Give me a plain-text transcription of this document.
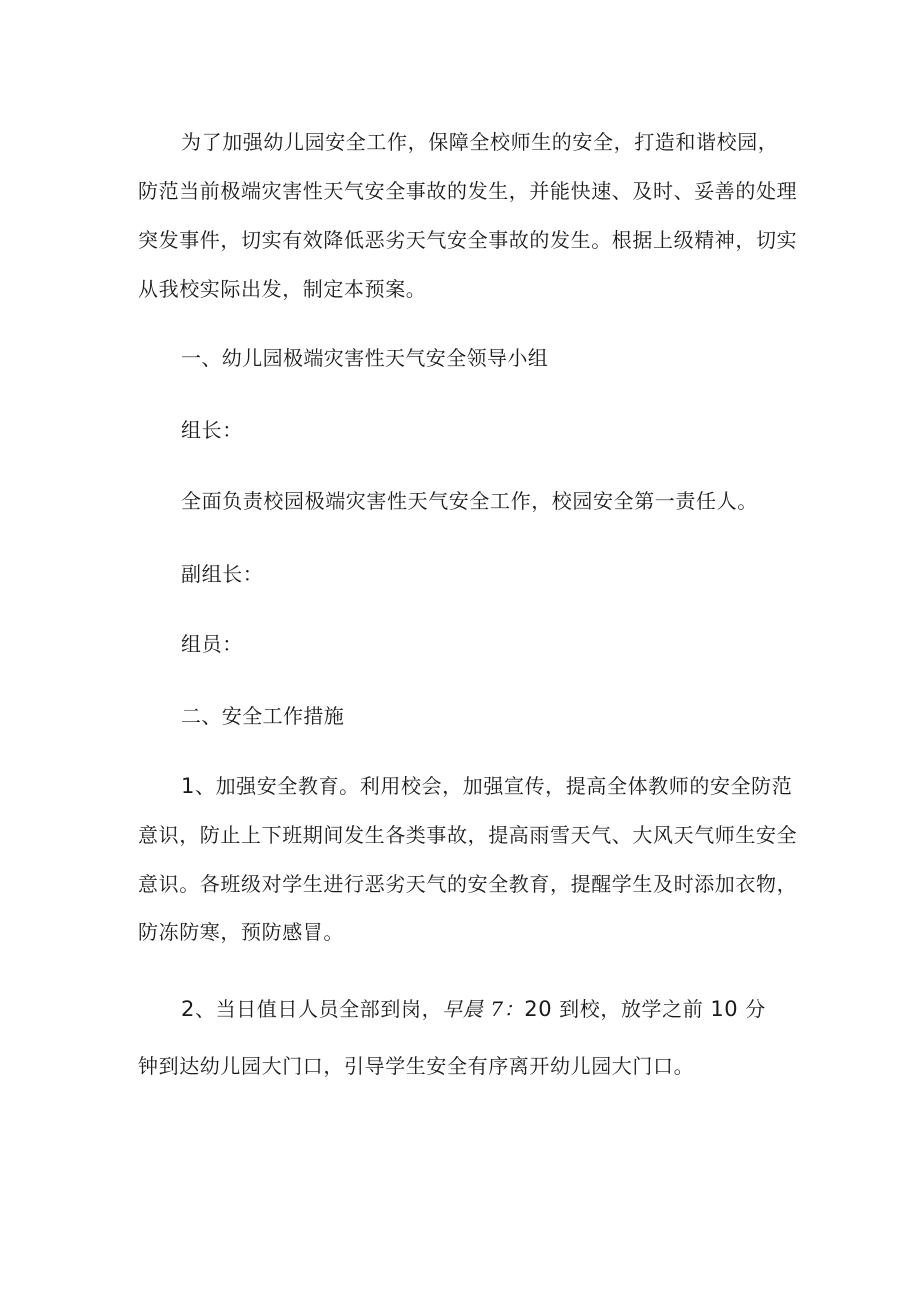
为了加强幼儿园安全工作，保障全校师生的安全，打造和谐校园，
防范当前极端灾害性天气安全事故的发生，并能快速、及时、妥善的处理
突发事件，切实有效降低恶劣天气安全事故的发生。根据上级精神，切实
从我校实际出发，制定本预案。
一、幼儿园极端灾害性天气安全领导小组
组长：
全面负责校园极端灾害性天气安全工作，校园安全第一责任人。
副组长：
组员：
二、安全工作措施
1、加强安全教育。利用校会，加强宣传，提高全体教师的安全防范
意识，防止上下班期间发生各类事故，提高雨雪天气、大风天气师生安全
意识。各班级对学生进行恶劣天气的安全教育，提醒学生及时添加衣物，
防冻防寒，预防感冒。
2、当日值日人员全部到岗，早晨 7：20 到校，放学之前 10 分
钟到达幼儿园大门口，引导学生安全有序离开幼儿园大门口。
